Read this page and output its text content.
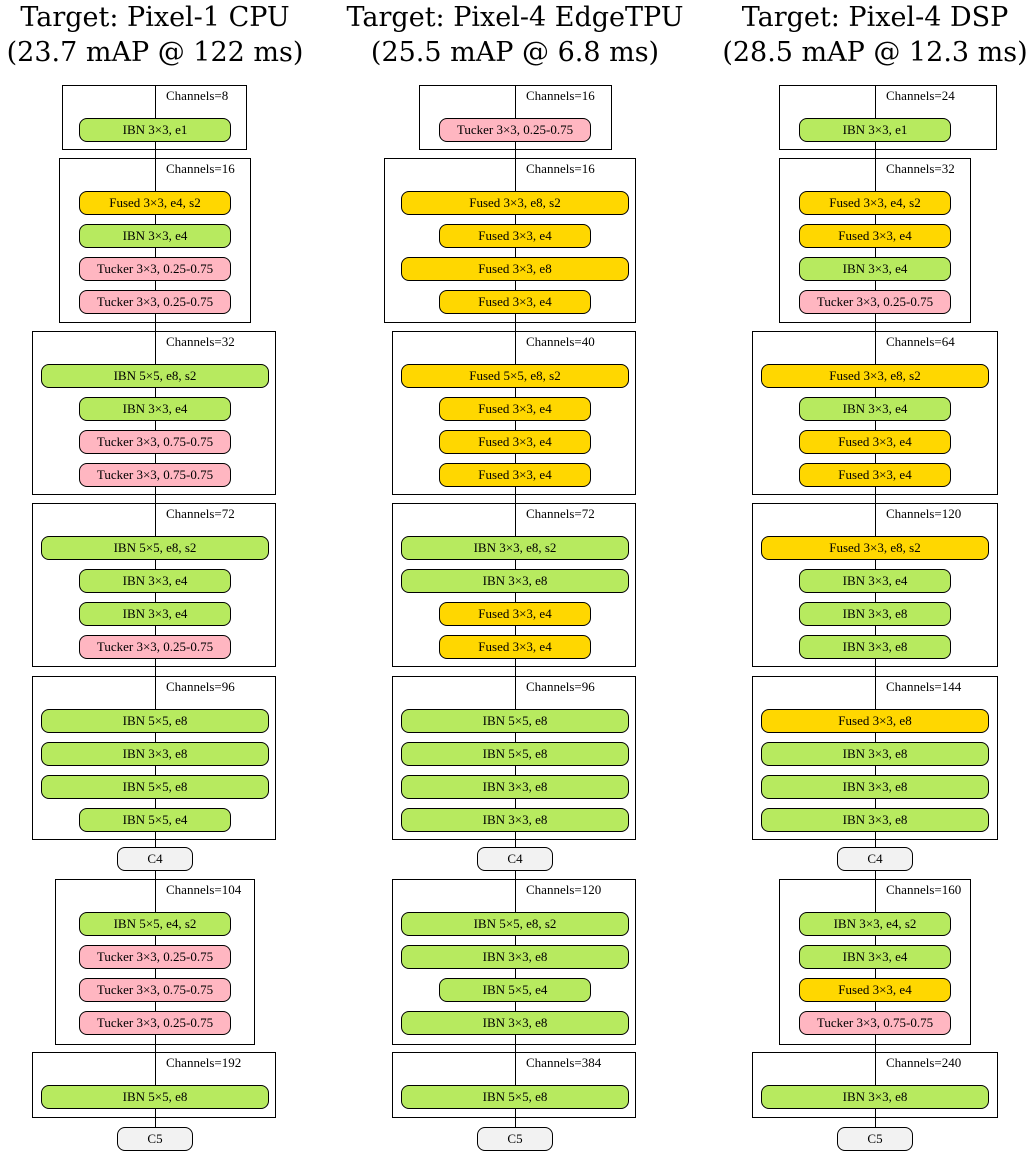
Target: Pixel-1 CPU
(23.7 mAP @ 122 ms)
Channels=8
IBN 3×3, e1
Channels=16
Fused 3×3, e4, s2
IBN 3×3, e4
Tucker 3×3, 0.25-0.75
Tucker 3×3, 0.25-0.75
Channels=32
IBN 5×5, e8, s2
IBN 3×3, e4
Tucker 3×3, 0.75-0.75
Tucker 3×3, 0.75-0.75
Channels=72
IBN 5×5, e8, s2
IBN 3×3, e4
IBN 3×3, e4
Tucker 3×3, 0.25-0.75
Channels=96
IBN 5×5, e8
IBN 3×3, e8
IBN 5×5, e8
IBN 5×5, e4
C4
Channels=104
IBN 5×5, e4, s2
Tucker 3×3, 0.25-0.75
Tucker 3×3, 0.75-0.75
Tucker 3×3, 0.25-0.75
Channels=192
IBN 5×5, e8
C5
Target: Pixel-4 EdgeTPU
(25.5 mAP @ 6.8 ms)
Channels=16
Tucker 3×3, 0.25-0.75
Channels=16
Fused 3×3, e8, s2
Fused 3×3, e4
Fused 3×3, e8
Fused 3×3, e4
Channels=40
Fused 5×5, e8, s2
Fused 3×3, e4
Fused 3×3, e4
Fused 3×3, e4
Channels=72
IBN 3×3, e8, s2
IBN 3×3, e8
Fused 3×3, e4
Fused 3×3, e4
Channels=96
IBN 5×5, e8
IBN 5×5, e8
IBN 3×3, e8
IBN 3×3, e8
C4
Channels=120
IBN 5×5, e8, s2
IBN 3×3, e8
IBN 5×5, e4
IBN 3×3, e8
Channels=384
IBN 5×5, e8
C5
Target: Pixel-4 DSP
(28.5 mAP @ 12.3 ms)
Channels=24
IBN 3×3, e1
Channels=32
Fused 3×3, e4, s2
Fused 3×3, e4
IBN 3×3, e4
Tucker 3×3, 0.25-0.75
Channels=64
Fused 3×3, e8, s2
IBN 3×3, e4
Fused 3×3, e4
Fused 3×3, e4
Channels=120
Fused 3×3, e8, s2
IBN 3×3, e4
IBN 3×3, e8
IBN 3×3, e8
Channels=144
Fused 3×3, e8
IBN 3×3, e8
IBN 3×3, e8
IBN 3×3, e8
C4
Channels=160
IBN 3×3, e4, s2
IBN 3×3, e4
Fused 3×3, e4
Tucker 3×3, 0.75-0.75
Channels=240
IBN 3×3, e8
C5
